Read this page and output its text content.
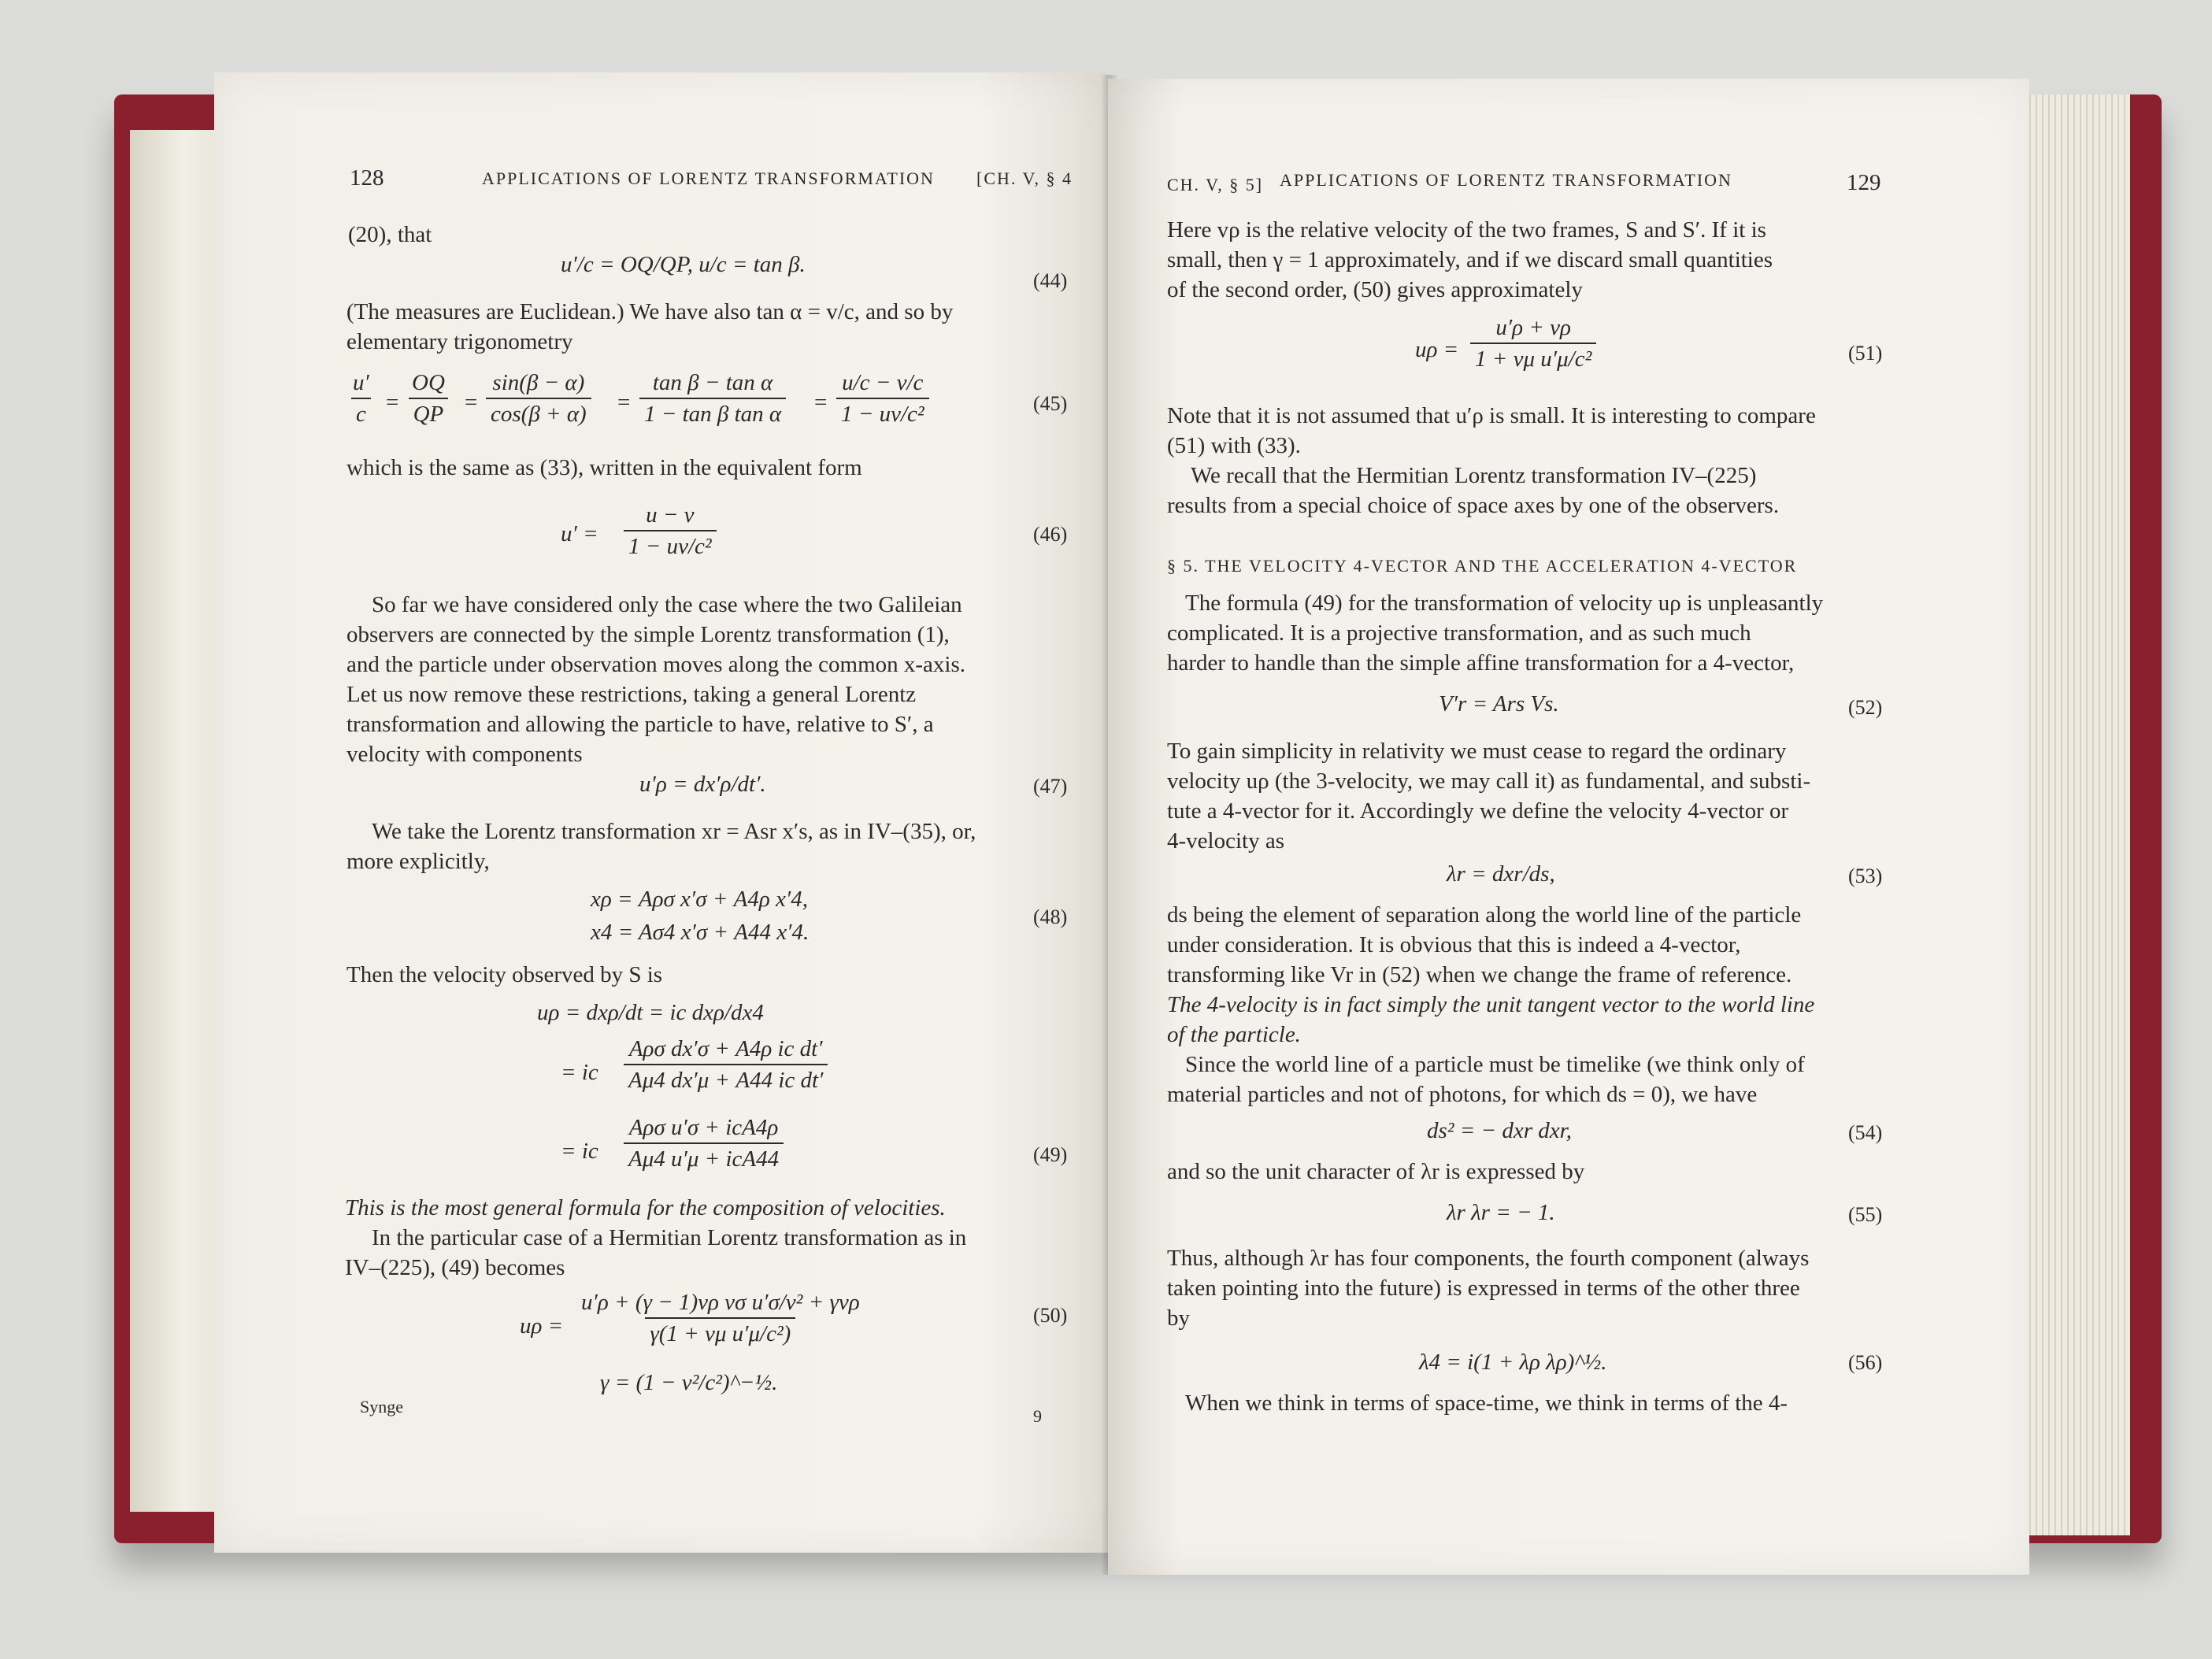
128	APPLICATIONS OF LORENTZ TRANSFORMATION [CH. V, § 4
(20), that
u′/c = OQ/QP, u/c = tan β.
(44)
(The measures are Euclidean.) We have also tan α = v/c, and so by
elementary trigonometry
$\frac{u'}{c} = \frac{OQ}{QP} = \frac{\sin(\beta - \alpha)}{\cos(\beta + \alpha)} = \frac{\text{tan β − tan α}}{\text{1 − tan β tan α}} = \frac{u/c - v/c}{\text{1 − uv/c²}}$	(45)
which is the same as (33), written in the equivalent form
$u' = \frac{u - v}{\text{1 − uv/c²}}$	(46)
So far we have considered only the case where the two Galileian
observers are connected by the simple Lorentz transformation (1),
and the particle under observation moves along the common x-axis.
Let us now remove these restrictions, taking a general Lorentz
transformation and allowing the particle to have, relative to S′, a
velocity with components
u′ρ = dx′ρ/dt′.	(47)
We take the Lorentz transformation xr = Asr x′s, as in IV–(35), or,
more explicitly,
xρ = Aρσ x′σ + A4ρ x′4,
x4 = Aσ4 x′σ + A44 x′4.
(48)
Then the velocity observed by S is
uρ = dxρ/dt = ic dxρ/dx4
= ic
Aρσ dx′σ + A4ρ ic dt′
Aμ4 dx′μ + A44 ic dt′
= ic
Aρσ u′σ + icA4ρ
Aμ4 u′μ + icA44	(49)
This is the most general formula for the composition of velocities.
In the particular case of a Hermitian Lorentz transformation as in
IV–(225), (49) becomes
uρ =
u′ρ + (γ − 1)vρ vσ u′σ/v² + γvρ
γ(1 + vμ u′μ/c²)
(50)
γ = (1 − v²/c²)^−½.
Synge	9
CH. V, § 5] APPLICATIONS OF LORENTZ TRANSFORMATION	129
Here vρ is the relative velocity of the two frames, S and S′. If it is
small, then γ = 1 approximately, and if we discard small quantities
of the second order, (50) gives approximately
$u\rho = \frac{u'\rho + v\rho}{\text{1 + vμ u′μ/c²}}$	(51)
Note that it is not assumed that u′ρ is small. It is interesting to compare
(51) with (33).
We recall that the Hermitian Lorentz transformation IV–(225)
results from a special choice of space axes by one of the observers.
§ 5. THE VELOCITY 4-VECTOR AND THE ACCELERATION 4-VECTOR
The formula (49) for the transformation of velocity uρ is unpleasantly
complicated. It is a projective transformation, and as such much
harder to handle than the simple affine transformation for a 4-vector,
V′r = Ars Vs.	(52)
To gain simplicity in relativity we must cease to regard the ordinary
velocity uρ (the 3-velocity, we may call it) as fundamental, and substi-
tute a 4-vector for it. Accordingly we define the velocity 4-vector or
4-velocity as
λr = dxr/ds,	(53)
ds being the element of separation along the world line of the particle
under consideration. It is obvious that this is indeed a 4-vector,
transforming like Vr in (52) when we change the frame of reference.
The 4-velocity is in fact simply the unit tangent vector to the world line
of the particle.
Since the world line of a particle must be timelike (we think only of
material particles and not of photons, for which ds = 0), we have
ds² = − dxr dxr,	(54)
and so the unit character of λr is expressed by
λr λr = − 1.	(55)
Thus, although λr has four components, the fourth component (always
taken pointing into the future) is expressed in terms of the other three
by
λ4 = i(1 + λρ λρ)^½.	(56)
When we think in terms of space-time, we think in terms of the 4-
